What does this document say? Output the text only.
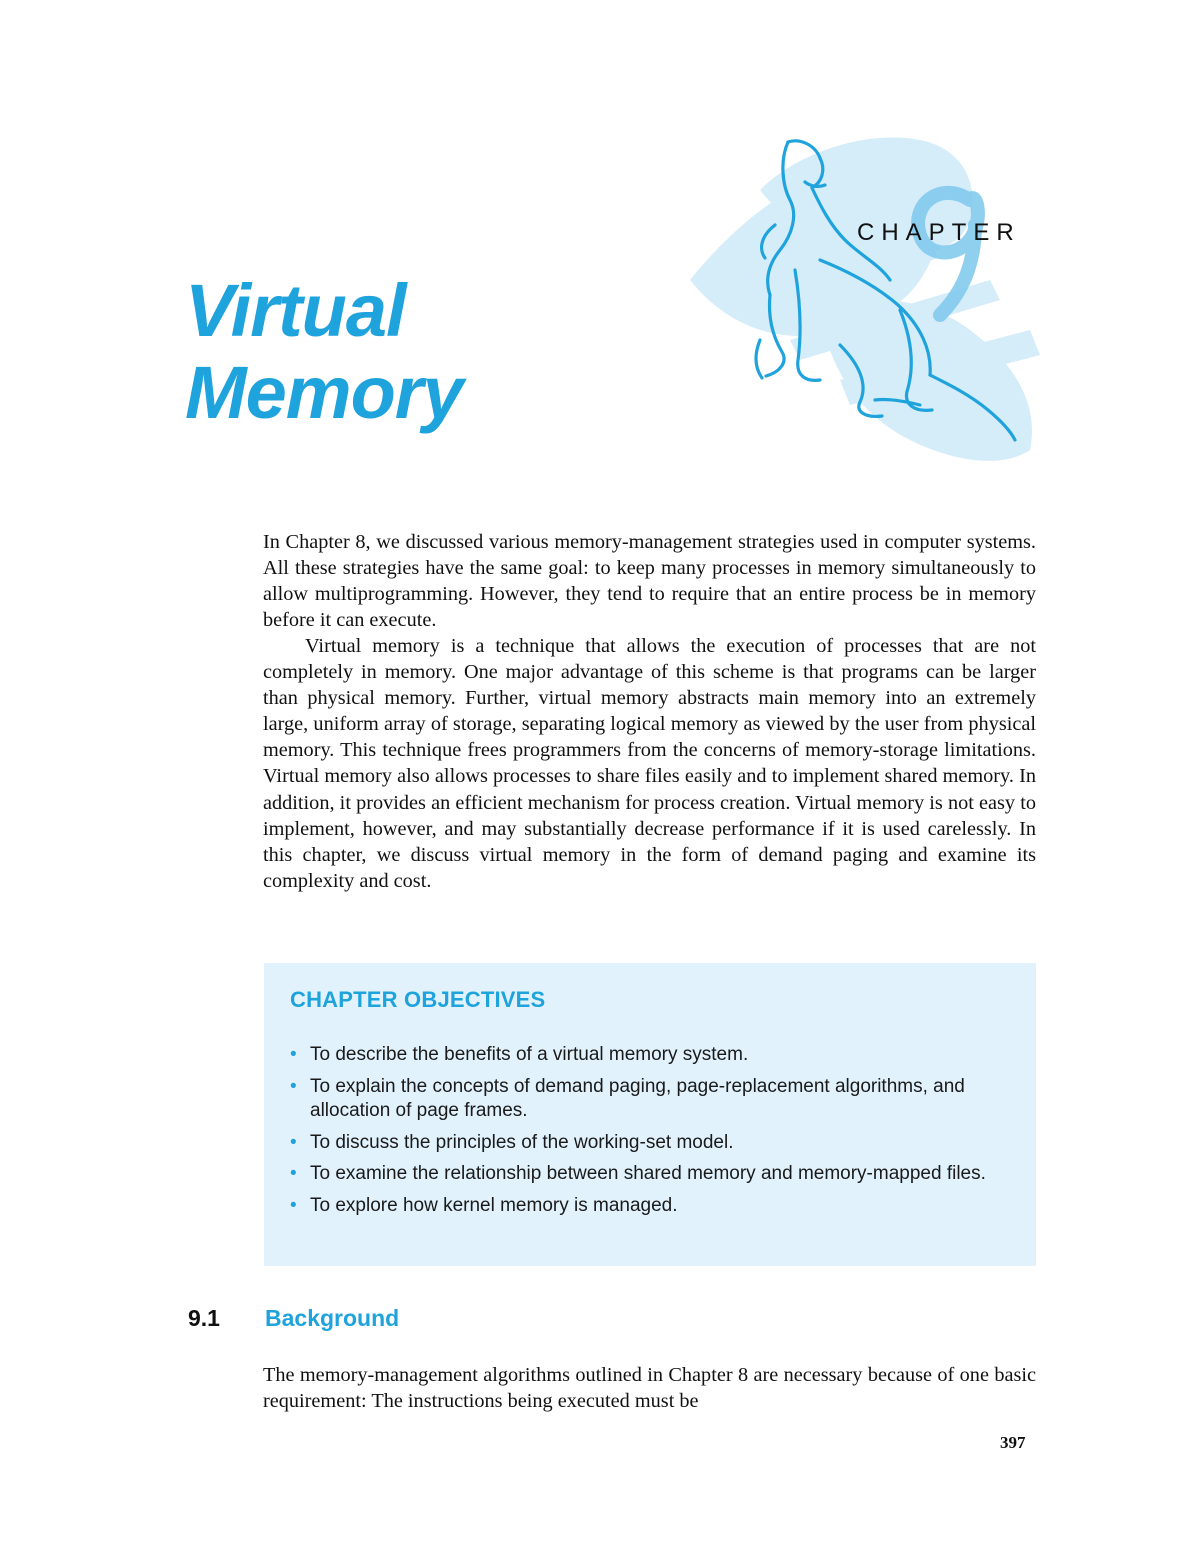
CHAPTER
Virtual
Memory

In Chapter 8, we discussed various memory-management strategies used in computer systems. All these strategies have the same goal: to keep many processes in memory simultaneously to allow multiprogramming. However, they tend to require that an entire process be in memory before it can execute.

Virtual memory is a technique that allows the execution of processes that are not completely in memory. One major advantage of this scheme is that programs can be larger than physical memory. Further, virtual memory abstracts main memory into an extremely large, uniform array of storage, separating logical memory as viewed by the user from physical memory. This technique frees programmers from the concerns of memory-storage limitations. Virtual memory also allows processes to share files easily and to implement shared memory. In addition, it provides an efficient mechanism for process creation. Virtual memory is not easy to implement, however, and may substantially decrease performance if it is used carelessly. In this chapter, we discuss virtual memory in the form of demand paging and examine its complexity and cost.

CHAPTER OBJECTIVES
• To describe the benefits of a virtual memory system.
• To explain the concepts of demand paging, page-replacement algorithms, and allocation of page frames.
• To discuss the principles of the working-set model.
• To examine the relationship between shared memory and memory-mapped files.
• To explore how kernel memory is managed.
9.1 Background

The memory-management algorithms outlined in Chapter 8 are necessary because of one basic requirement: The instructions being executed must be

397
